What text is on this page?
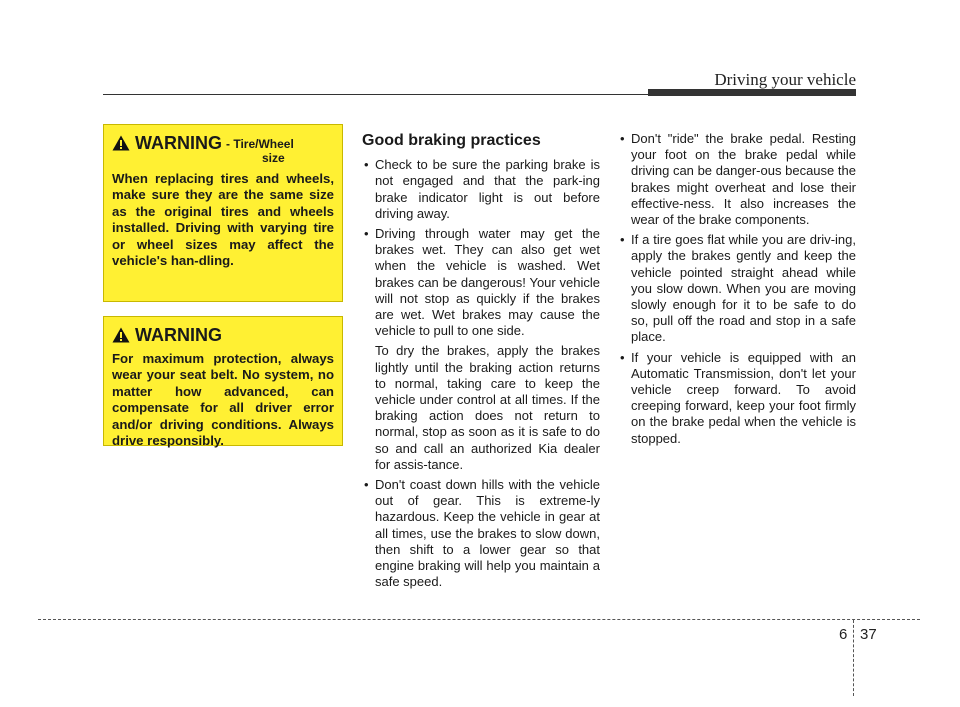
Driving your vehicle
WARNING - Tire/Wheel
size

When replacing tires and wheels, make sure they are the same size as the original tires and wheels installed. Driving with varying tire or wheel sizes may affect the vehicle's han-dling.

WARNING

For maximum protection, always wear your seat belt. No system, no matter how advanced, can compensate for all driver error and/or driving conditions. Always drive responsibly.

Good braking practices
• Check to be sure the parking brake is not engaged and that the park-ing brake indicator light is out before driving away.
• Driving through water may get the brakes wet. They can also get wet when the vehicle is washed. Wet brakes can be dangerous! Your vehicle will not stop as quickly if the brakes are wet. Wet brakes may cause the vehicle to pull to one side.
To dry the brakes, apply the brakes lightly until the braking action returns to normal, taking care to keep the vehicle under control at all times. If the braking action does not return to normal, stop as soon as it is safe to do so and call an authorized Kia dealer for assis-tance.
• Don't coast down hills with the vehicle out of gear. This is extreme-ly hazardous. Keep the vehicle in gear at all times, use the brakes to slow down, then shift to a lower gear so that engine braking will help you maintain a safe speed.
• Don't "ride" the brake pedal. Resting your foot on the brake pedal while driving can be danger-ous because the brakes might overheat and lose their effective-ness. It also increases the wear of the brake components.
• If a tire goes flat while you are driv-ing, apply the brakes gently and keep the vehicle pointed straight ahead while you slow down. When you are moving slowly enough for it to be safe to do so, pull off the road and stop in a safe place.
• If your vehicle is equipped with an Automatic Transmission, don't let your vehicle creep forward. To avoid creeping forward, keep your foot firmly on the brake pedal when the vehicle is stopped.
6 37
